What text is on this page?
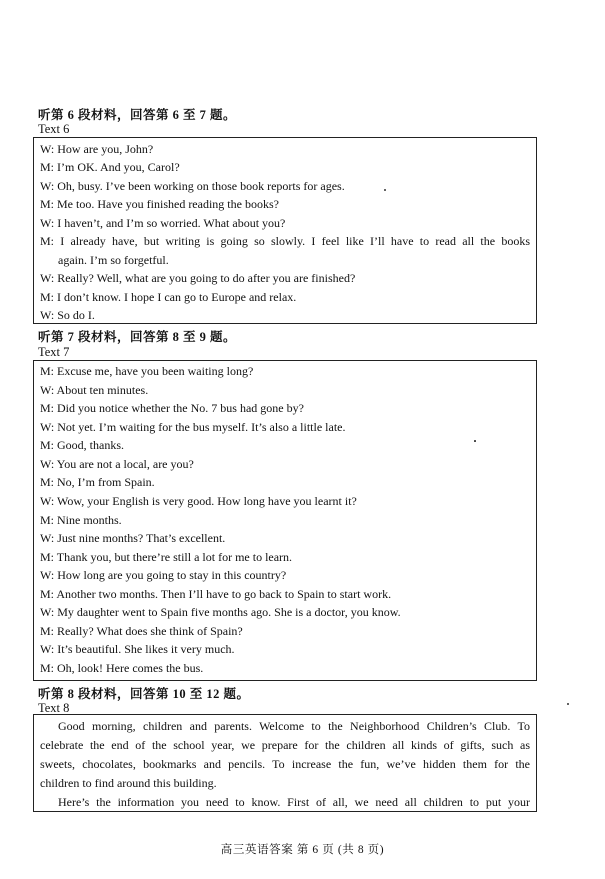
听第 6 段材料，回答第 6 至 7 题。
Text 6
W: How are you, John?
M: I’m OK. And you, Carol?
W: Oh, busy. I’ve been working on those book reports for ages.
M: Me too. Have you finished reading the books?
W: I haven’t, and I’m so worried. What about you?
M: I already have, but writing is going so slowly. I feel like I’ll have to read all the books
again. I’m so forgetful.
W: Really? Well, what are you going to do after you are finished?
M: I don’t know. I hope I can go to Europe and relax.
W: So do I.
听第 7 段材料，回答第 8 至 9 题。
Text 7
M: Excuse me, have you been waiting long?
W: About ten minutes.
M: Did you notice whether the No. 7 bus had gone by?
W: Not yet. I’m waiting for the bus myself. It’s also a little late.
M: Good, thanks.
W: You are not a local, are you?
M: No, I’m from Spain.
W: Wow, your English is very good. How long have you learnt it?
M: Nine months.
W: Just nine months? That’s excellent.
M: Thank you, but there’re still a lot for me to learn.
W: How long are you going to stay in this country?
M: Another two months. Then I’ll have to go back to Spain to start work.
W: My daughter went to Spain five months ago. She is a doctor, you know.
M: Really? What does she think of Spain?
W: It’s beautiful. She likes it very much.
M: Oh, look! Here comes the bus.
听第 8 段材料，回答第 10 至 12 题。
Text 8
Good morning, children and parents. Welcome to the Neighborhood Children’s Club. To
celebrate the end of the school year, we prepare for the children all kinds of gifts, such as
sweets, chocolates, bookmarks and pencils. To increase the fun, we’ve hidden them for the
children to find around this building.
Here’s the information you need to know. First of all, we need all children to put your
高三英语答案 第 6 页 (共 8 页)
